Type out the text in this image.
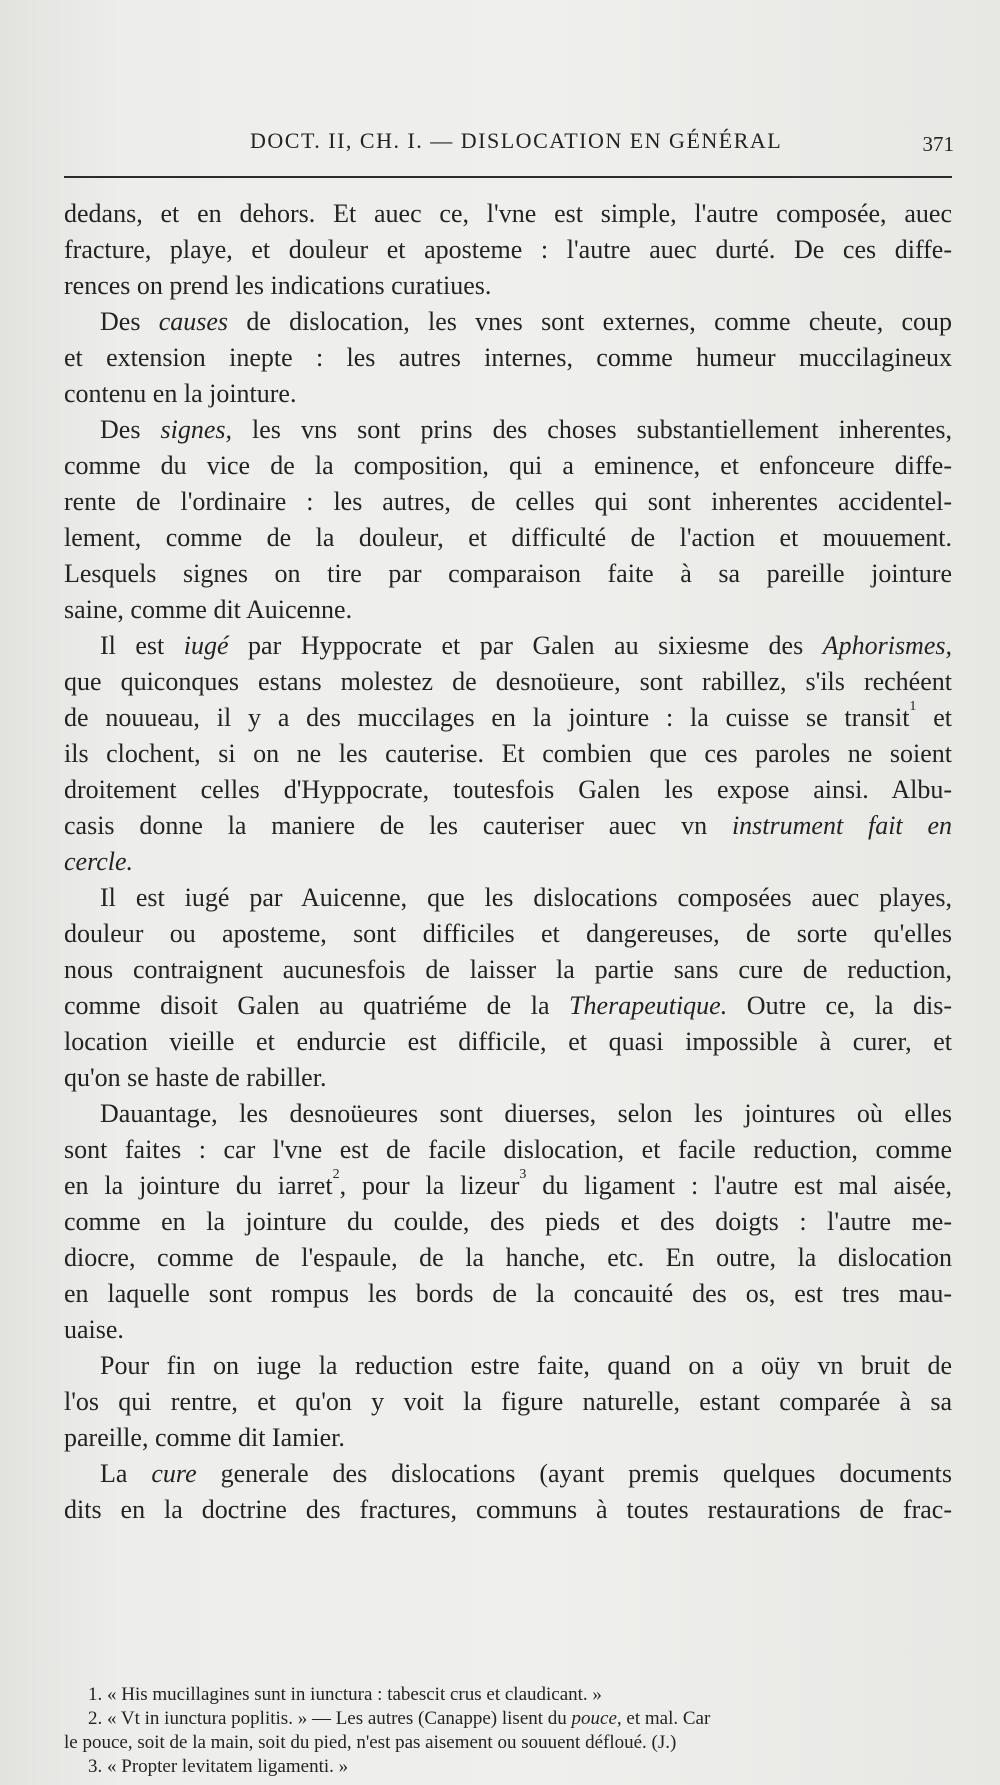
DOCT. II, CH. I. — DISLOCATION EN GÉNÉRAL	371
dedans, et en dehors. Et auec ce, l'vne est simple, l'autre composée, auec
fracture, playe, et douleur et aposteme : l'autre auec durté. De ces diffe-
rences on prend les indications curatiues.
Des causes de dislocation, les vnes sont externes, comme cheute, coup
et extension inepte : les autres internes, comme humeur muccilagineux
contenu en la jointure.
Des signes, les vns sont prins des choses substantiellement inherentes,
comme du vice de la composition, qui a eminence, et enfonceure diffe-
rente de l'ordinaire : les autres, de celles qui sont inherentes accidentel-
lement, comme de la douleur, et difficulté de l'action et mouuement.
Lesquels signes on tire par comparaison faite à sa pareille jointure
saine, comme dit Auicenne.
Il est iugé par Hyppocrate et par Galen au sixiesme des Aphorismes,
que quiconques estans molestez de desnoüeure, sont rabillez, s'ils rechéent
de nouueau, il y a des muccilages en la jointure : la cuisse se transit$^1$ et
ils clochent, si on ne les cauterise. Et combien que ces paroles ne soient
droitement celles d'Hyppocrate, toutesfois Galen les expose ainsi. Albu-
casis donne la maniere de les cauteriser auec vn instrument fait en
cercle.
Il est iugé par Auicenne, que les dislocations composées auec playes,
douleur ou aposteme, sont difficiles et dangereuses, de sorte qu'elles
nous contraignent aucunesfois de laisser la partie sans cure de reduction,
comme disoit Galen au quatriéme de la Therapeutique. Outre ce, la dis-
location vieille et endurcie est difficile, et quasi impossible à curer, et
qu'on se haste de rabiller.
Dauantage, les desnoüeures sont diuerses, selon les jointures où elles
sont faites : car l'vne est de facile dislocation, et facile reduction, comme
en la jointure du iarret$^2$, pour la lizeur$^3$ du ligament : l'autre est mal aisée,
comme en la jointure du coulde, des pieds et des doigts : l'autre me-
diocre, comme de l'espaule, de la hanche, etc. En outre, la dislocation
en laquelle sont rompus les bords de la concauité des os, est tres mau-
uaise.
Pour fin on iuge la reduction estre faite, quand on a oüy vn bruit de
l'os qui rentre, et qu'on y voit la figure naturelle, estant comparée à sa
pareille, comme dit Iamier.
La cure generale des dislocations (ayant premis quelques documents
dits en la doctrine des fractures, communs à toutes restaurations de frac-
1. « His mucillagines sunt in iunctura : tabescit crus et claudicant. »
2. « Vt in iunctura poplitis. » — Les autres (Canappe) lisent du pouce, et mal. Car
le pouce, soit de la main, soit du pied, n'est pas aisement ou souuent défloué. (J.)
3. « Propter levitatem ligamenti. »
